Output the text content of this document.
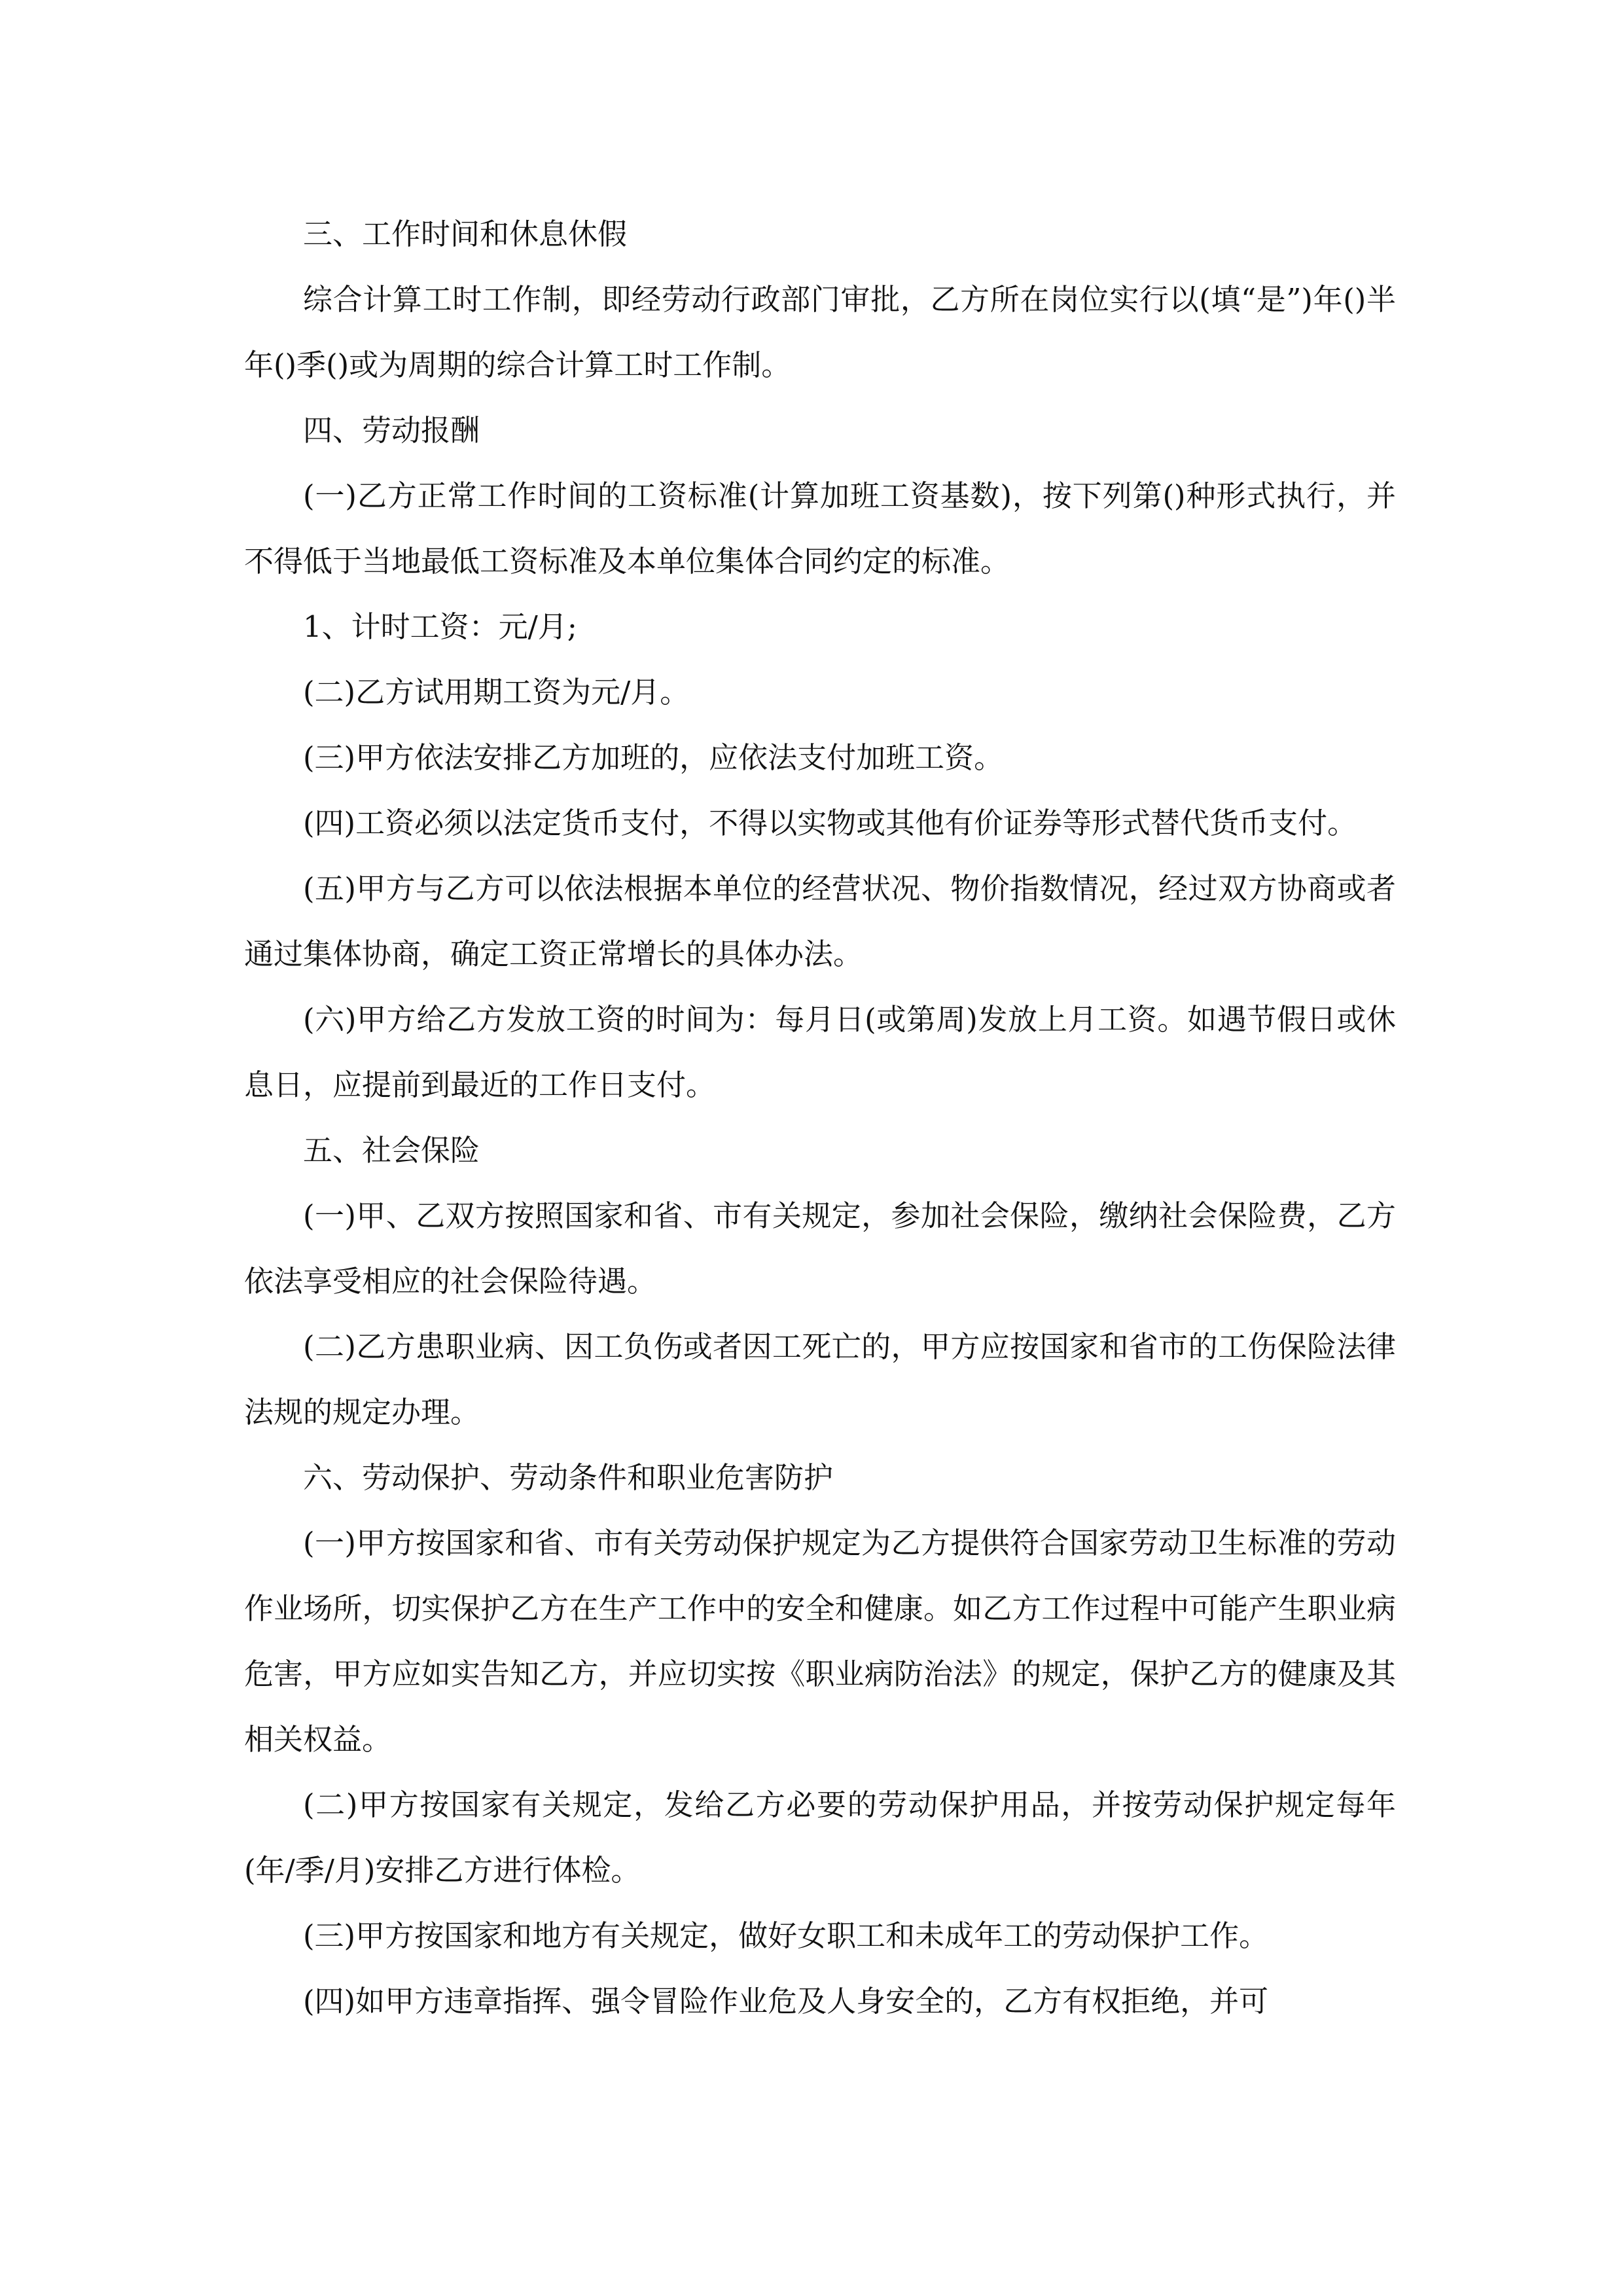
三、工作时间和休息休假

综合计算工时工作制，即经劳动行政部门审批，乙方所在岗位实行以(填“是”)年()半年()季()或为周期的综合计算工时工作制。

四、劳动报酬

(一)乙方正常工作时间的工资标准(计算加班工资基数)，按下列第()种形式执行，并不得低于当地最低工资标准及本单位集体合同约定的标准。

1、计时工资：元/月;

(二)乙方试用期工资为元/月。

(三)甲方依法安排乙方加班的，应依法支付加班工资。

(四)工资必须以法定货币支付，不得以实物或其他有价证券等形式替代货币支付。

(五)甲方与乙方可以依法根据本单位的经营状况、物价指数情况，经过双方协商或者通过集体协商，确定工资正常增长的具体办法。

(六)甲方给乙方发放工资的时间为：每月日(或第周)发放上月工资。如遇节假日或休息日，应提前到最近的工作日支付。

五、社会保险

(一)甲、乙双方按照国家和省、市有关规定，参加社会保险，缴纳社会保险费，乙方依法享受相应的社会保险待遇。

(二)乙方患职业病、因工负伤或者因工死亡的，甲方应按国家和省市的工伤保险法律法规的规定办理。

六、劳动保护、劳动条件和职业危害防护

(一)甲方按国家和省、市有关劳动保护规定为乙方提供符合国家劳动卫生标准的劳动作业场所，切实保护乙方在生产工作中的安全和健康。如乙方工作过程中可能产生职业病危害，甲方应如实告知乙方，并应切实按《职业病防治法》的规定，保护乙方的健康及其相关权益。

(二)甲方按国家有关规定，发给乙方必要的劳动保护用品，并按劳动保护规定每年(年/季/月)安排乙方进行体检。

(三)甲方按国家和地方有关规定，做好女职工和未成年工的劳动保护工作。

(四)如甲方违章指挥、强令冒险作业危及人身安全的，乙方有权拒绝，并可
